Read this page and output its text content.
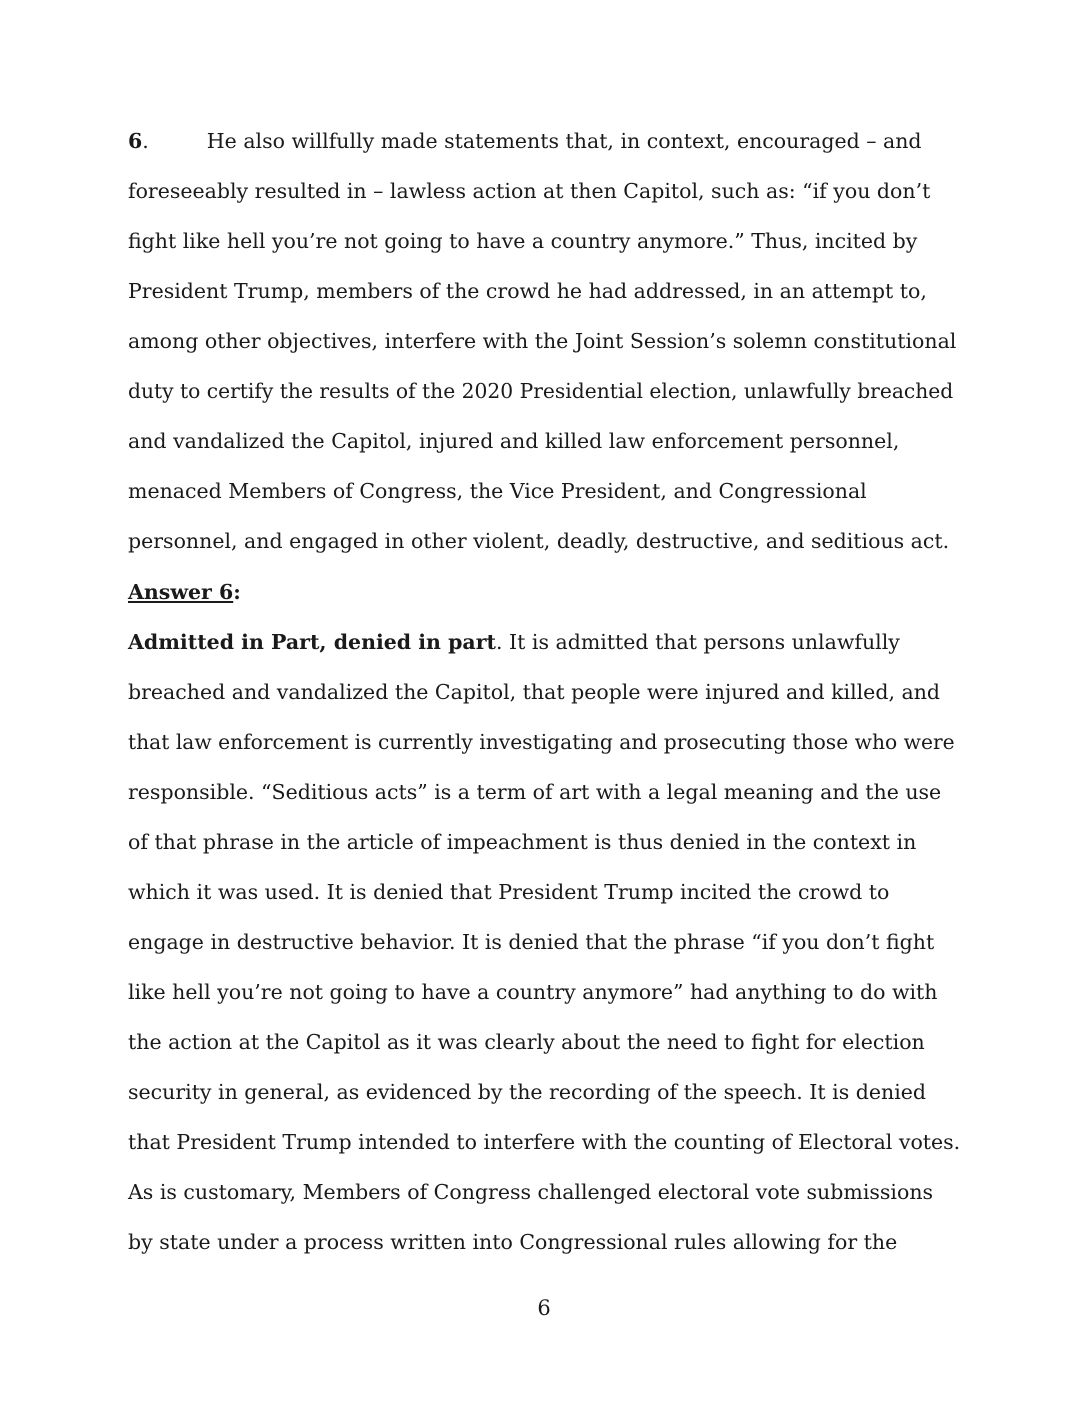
6.	He also willfully made statements that, in context, encouraged – and
foreseeably resulted in – lawless action at then Capitol, such as: “if you don’t
fight like hell you’re not going to have a country anymore.” Thus, incited by
President Trump, members of the crowd he had addressed, in an attempt to,
among other objectives, interfere with the Joint Session’s solemn constitutional
duty to certify the results of the 2020 Presidential election, unlawfully breached
and vandalized the Capitol, injured and killed law enforcement personnel,
menaced Members of Congress, the Vice President, and Congressional
personnel, and engaged in other violent, deadly, destructive, and seditious act.
Answer 6:
Admitted in Part, denied in part. It is admitted that persons unlawfully
breached and vandalized the Capitol, that people were injured and killed, and
that law enforcement is currently investigating and prosecuting those who were
responsible. “Seditious acts” is a term of art with a legal meaning and the use
of that phrase in the article of impeachment is thus denied in the context in
which it was used. It is denied that President Trump incited the crowd to
engage in destructive behavior. It is denied that the phrase “if you don’t fight
like hell you’re not going to have a country anymore” had anything to do with
the action at the Capitol as it was clearly about the need to fight for election
security in general, as evidenced by the recording of the speech. It is denied
that President Trump intended to interfere with the counting of Electoral votes.
As is customary, Members of Congress challenged electoral vote submissions
by state under a process written into Congressional rules allowing for the
6
